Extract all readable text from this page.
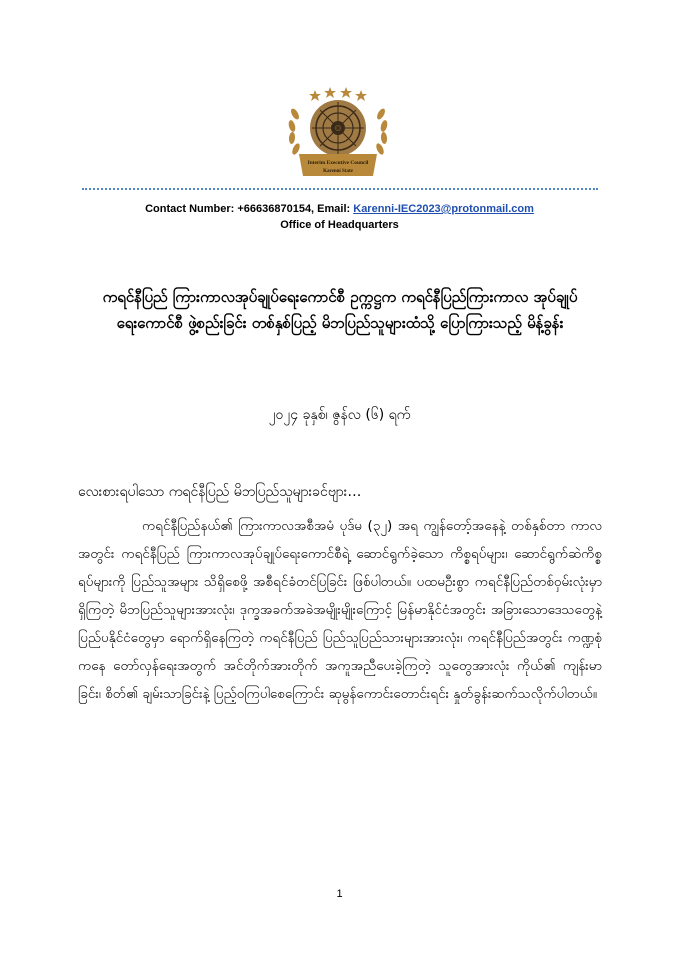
Interim Executive Council
Karenni State
Contact Number: +66636870154, Email: Karenni-IEC2023@protonmail.com
Office of Headquarters
ကရင်နီပြည် ကြားကာလအုပ်ချုပ်ရေးကောင်စီ ဥက္ကဋ္ဌက ကရင်နီပြည်ကြားကာလ အုပ်ချုပ်ရေးကောင်စီ ဖွဲ့စည်းခြင်း တစ်နှစ်ပြည့် မိဘပြည်သူများထံသို့ ပြောကြားသည့် မိန့်ခွန်း
၂၀၂၄ ခုနှစ်၊ ဇွန်လ (၆) ရက်
လေးစားရပါသော ကရင်နီပြည် မိဘပြည်သူများခင်ဗျား…
ကရင်နီပြည်နယ်၏ ကြားကာလအစီအမံ ပုဒ်မ (၃၂) အရ ကျွန်တော့်အနေနဲ့ တစ်နှစ်တာ ကာလအတွင်း ကရင်နီပြည် ကြားကာလအုပ်ချုပ်ရေးကောင်စီရဲ့ ဆောင်ရွက်ခဲ့သော ကိစ္စရပ်များ၊ ဆောင်ရွက်ဆဲကိစ္စရပ်များကို ပြည်သူအများ သိရှိစေဖို့ အစီရင်ခံတင်ပြခြင်း ဖြစ်ပါတယ်။ ပထမဦးစွာ ကရင်နီပြည်တစ်ဝှမ်းလုံးမှာ ရှိကြတဲ့ မိဘပြည်သူများအားလုံး၊ ဒုက္ခအခက်အခဲအမျိုးမျိုးကြောင့် မြန်မာနိုင်ငံအတွင်း အခြားသောဒေသတွေနဲ့ ပြည်ပနိုင်ငံတွေမှာ ရောက်ရှိနေကြတဲ့ ကရင်နီပြည် ပြည်သူပြည်သားများအားလုံး၊ ကရင်နီပြည်အတွင်း ကဏ္ဍစုံကနေ တော်လှန်ရေးအတွက် အင်တိုက်အားတိုက် အကူအညီပေးခဲ့ကြတဲ့ သူတွေအားလုံး ကိုယ်၏ ကျန်းမာခြင်း၊ စိတ်၏ ချမ်းသာခြင်းနဲ့ ပြည့်ဝကြပါစေကြောင်း ဆုမွန်ကောင်းတောင်းရင်း နှုတ်ခွန်းဆက်သလိုက်ပါတယ်။
1
